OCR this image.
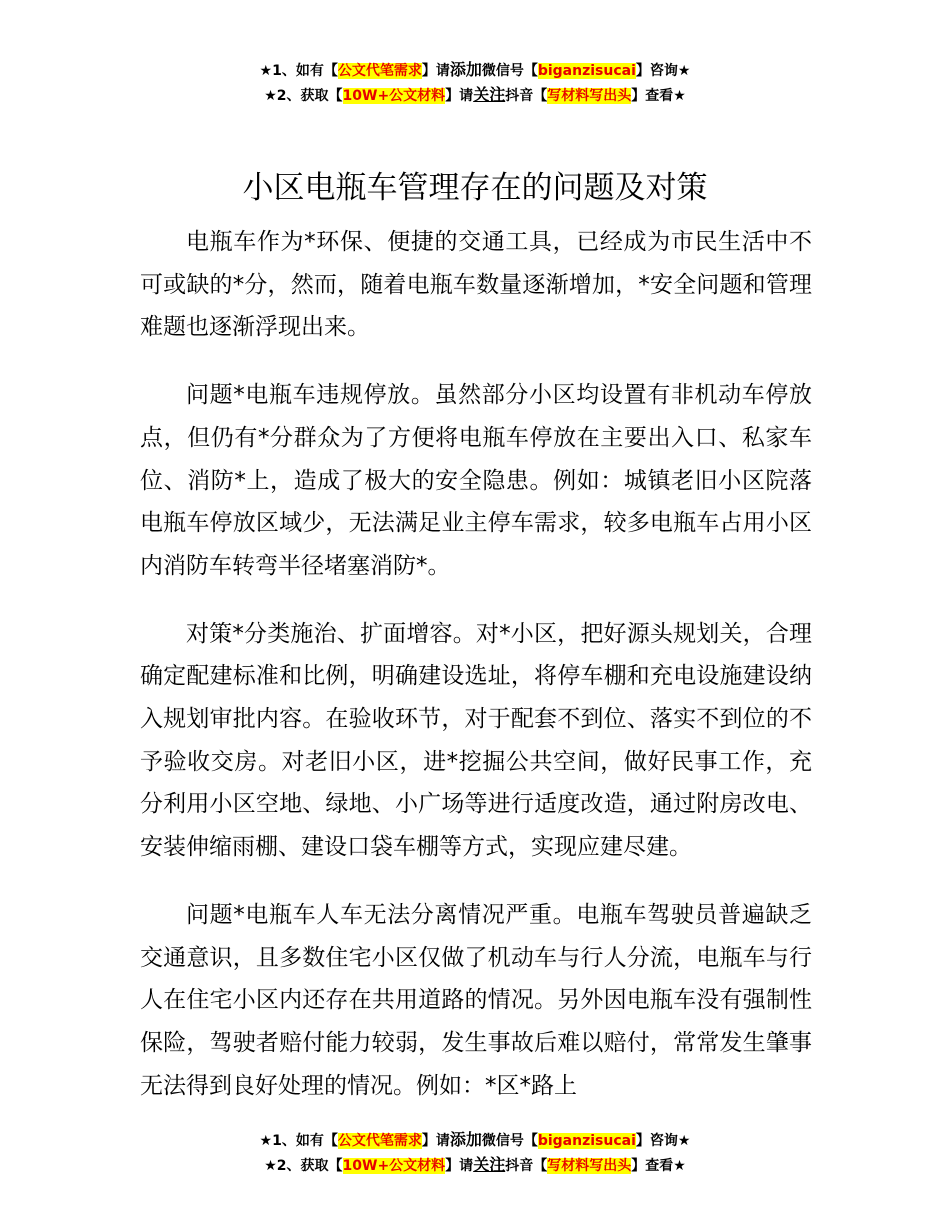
★1、如有【公文代笔需求】请添加微信号【biganzisucai】咨询★
★2、获取【10W+公文材料】请关注抖音【写材料写出头】查看★
小区电瓶车管理存在的问题及对策

电瓶车作为*环保、便捷的交通工具，已经成为市民生活中不可或缺的*分，然而，随着电瓶车数量逐渐增加，*安全问题和管理难题也逐渐浮现出来。

问题*电瓶车违规停放。虽然部分小区均设置有非机动车停放点，但仍有*分群众为了方便将电瓶车停放在主要出入口、私家车位、消防*上，造成了极大的安全隐患。例如：城镇老旧小区院落电瓶车停放区域少，无法满足业主停车需求，较多电瓶车占用小区内消防车转弯半径堵塞消防*。

对策*分类施治、扩面增容。对*小区，把好源头规划关，合理确定配建标准和比例，明确建设选址，将停车棚和充电设施建设纳入规划审批内容。在验收环节，对于配套不到位、落实不到位的不予验收交房。对老旧小区，进*挖掘公共空间，做好民事工作，充分利用小区空地、绿地、小广场等进行适度改造，通过附房改电、安装伸缩雨棚、建设口袋车棚等方式，实现应建尽建。

问题*电瓶车人车无法分离情况严重。电瓶车驾驶员普遍缺乏交通意识，且多数住宅小区仅做了机动车与行人分流，电瓶车与行人在住宅小区内还存在共用道路的情况。另外因电瓶车没有强制性保险，驾驶者赔付能力较弱，发生事故后难以赔付，常常发生肇事无法得到良好处理的情况。例如：*区*路上

★1、如有【公文代笔需求】请添加微信号【biganzisucai】咨询★
★2、获取【10W+公文材料】请关注抖音【写材料写出头】查看★
